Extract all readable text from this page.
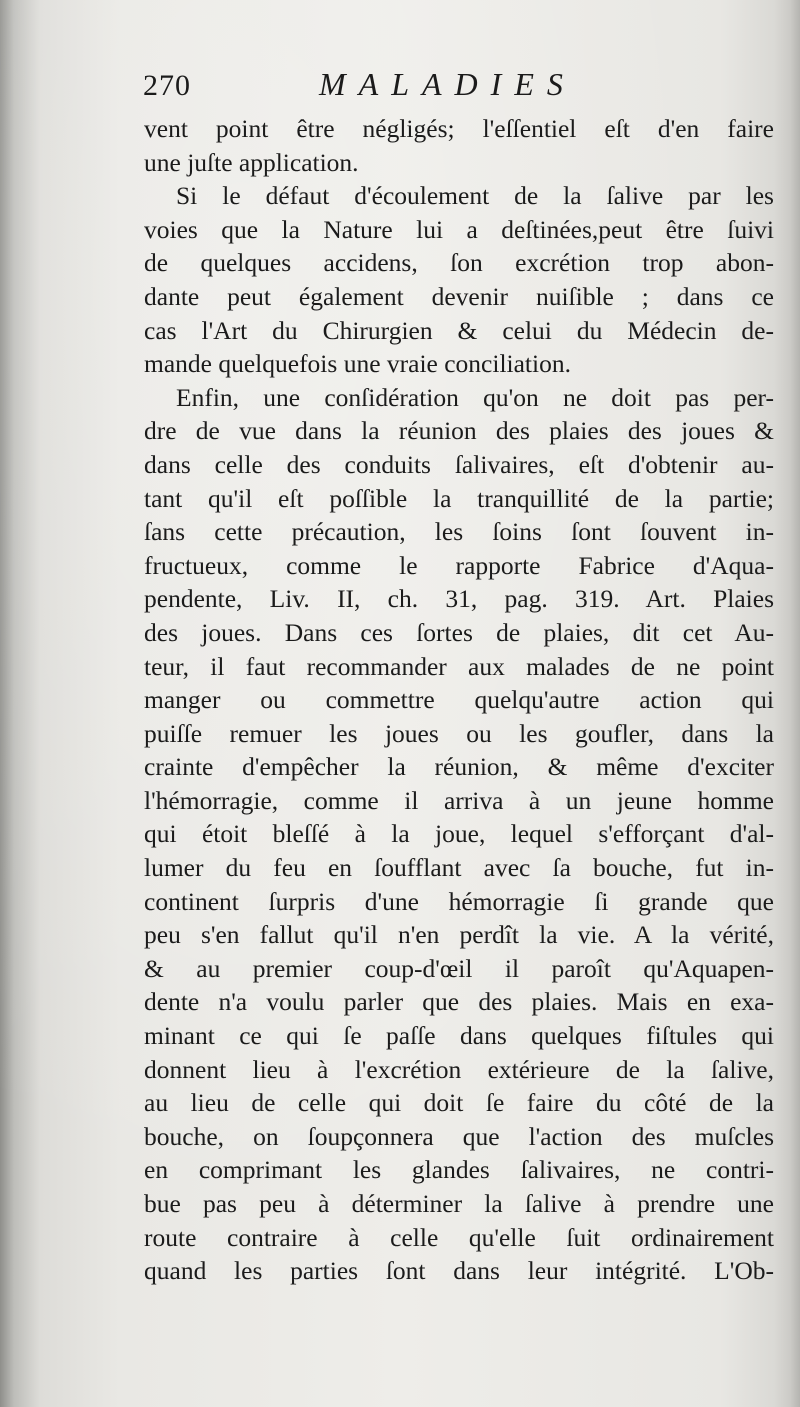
270	MALADIES
vent point être négligés; l'eſſentiel eſt d'en faire
une juſte application.
Si le défaut d'écoulement de la ſalive par les
voies que la Nature lui a deſtinées,peut être ſuivi
de quelques accidens, ſon excrétion trop abon-
dante peut également devenir nuiſible ; dans ce
cas l'Art du Chirurgien & celui du Médecin de-
mande quelquefois une vraie conciliation.
Enfin, une conſidération qu'on ne doit pas per-
dre de vue dans la réunion des plaies des joues &
dans celle des conduits ſalivaires, eſt d'obtenir au-
tant qu'il eſt poſſible la tranquillité de la partie;
ſans cette précaution, les ſoins ſont ſouvent in-
fructueux, comme le rapporte Fabrice d'Aqua-
pendente, Liv. II, ch. 31, pag. 319. Art. Plaies
des joues. Dans ces ſortes de plaies, dit cet Au-
teur, il faut recommander aux malades de ne point
manger ou commettre quelqu'autre action qui
puiſſe remuer les joues ou les goufler, dans la
crainte d'empêcher la réunion, & même d'exciter
l'hémorragie, comme il arriva à un jeune homme
qui étoit bleſſé à la joue, lequel s'efforçant d'al-
lumer du feu en ſoufflant avec ſa bouche, fut in-
continent ſurpris d'une hémorragie ſi grande que
peu s'en fallut qu'il n'en perdît la vie. A la vérité,
& au premier coup-d'œil il paroît qu'Aquapen-
dente n'a voulu parler que des plaies. Mais en exa-
minant ce qui ſe paſſe dans quelques fiſtules qui
donnent lieu à l'excrétion extérieure de la ſalive,
au lieu de celle qui doit ſe faire du côté de la
bouche, on ſoupçonnera que l'action des muſcles
en comprimant les glandes ſalivaires, ne contri-
bue pas peu à déterminer la ſalive à prendre une
route contraire à celle qu'elle ſuit ordinairement
quand les parties ſont dans leur intégrité. L'Ob-
